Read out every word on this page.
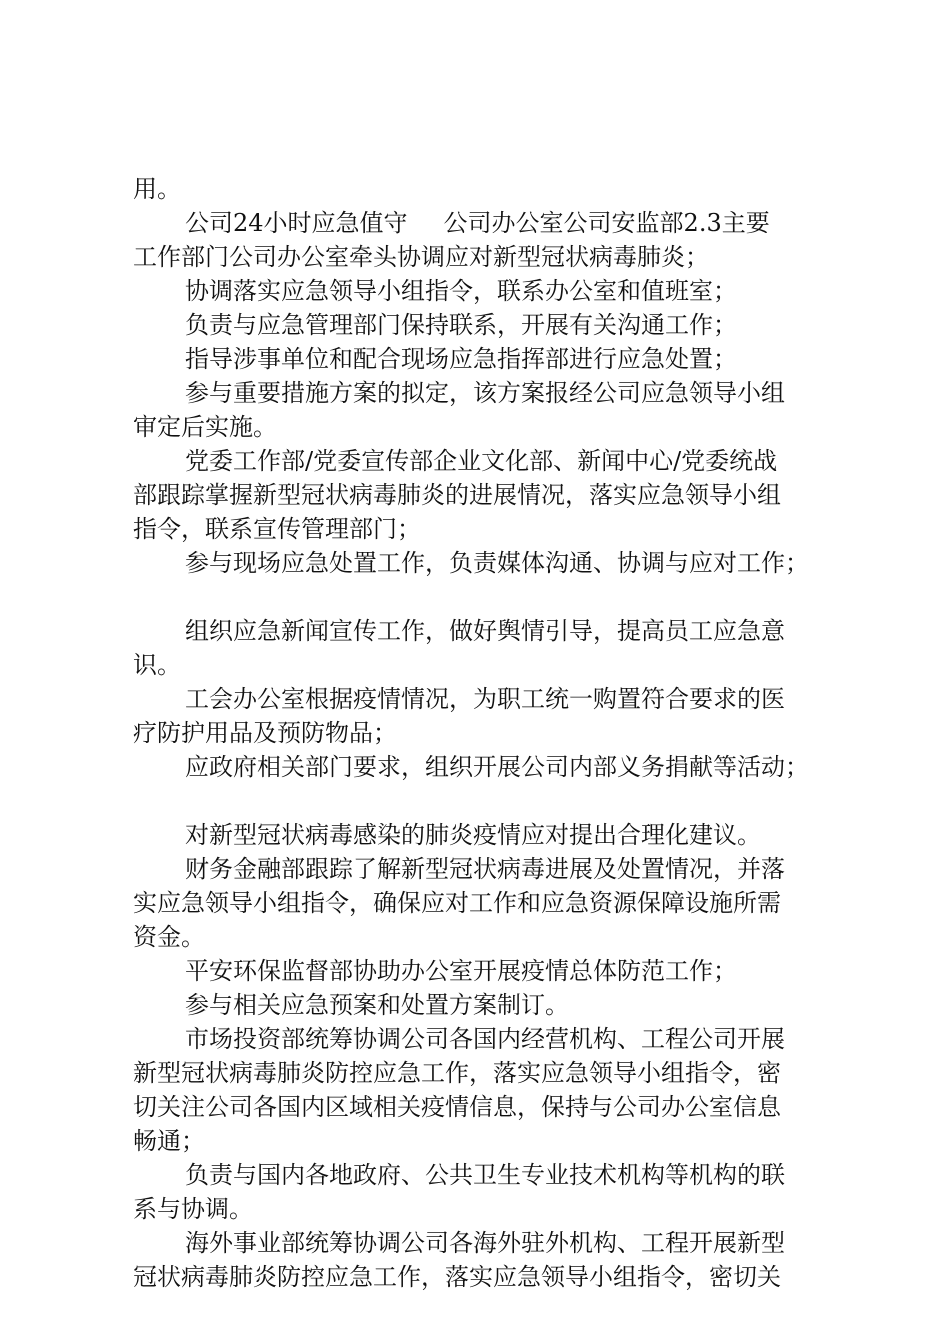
用。
公司24小时应急值守 公司办公室公司安监部2.3主要
工作部门公司办公室牵头协调应对新型冠状病毒肺炎；
协调落实应急领导小组指令，联系办公室和值班室；
负责与应急管理部门保持联系，开展有关沟通工作；
指导涉事单位和配合现场应急指挥部进行应急处置；
参与重要措施方案的拟定，该方案报经公司应急领导小组
审定后实施。
党委工作部/党委宣传部企业文化部、新闻中心/党委统战
部跟踪掌握新型冠状病毒肺炎的进展情况，落实应急领导小组
指令，联系宣传管理部门；
参与现场应急处置工作，负责媒体沟通、协调与应对工作；
组织应急新闻宣传工作，做好舆情引导，提高员工应急意
识。
工会办公室根据疫情情况，为职工统一购置符合要求的医
疗防护用品及预防物品；
应政府相关部门要求，组织开展公司内部义务捐献等活动；
对新型冠状病毒感染的肺炎疫情应对提出合理化建议。
财务金融部跟踪了解新型冠状病毒进展及处置情况，并落
实应急领导小组指令，确保应对工作和应急资源保障设施所需
资金。
平安环保监督部协助办公室开展疫情总体防范工作；
参与相关应急预案和处置方案制订。
市场投资部统筹协调公司各国内经营机构、工程公司开展
新型冠状病毒肺炎防控应急工作，落实应急领导小组指令，密
切关注公司各国内区域相关疫情信息，保持与公司办公室信息
畅通；
负责与国内各地政府、公共卫生专业技术机构等机构的联
系与协调。
海外事业部统筹协调公司各海外驻外机构、工程开展新型
冠状病毒肺炎防控应急工作，落实应急领导小组指令，密切关
